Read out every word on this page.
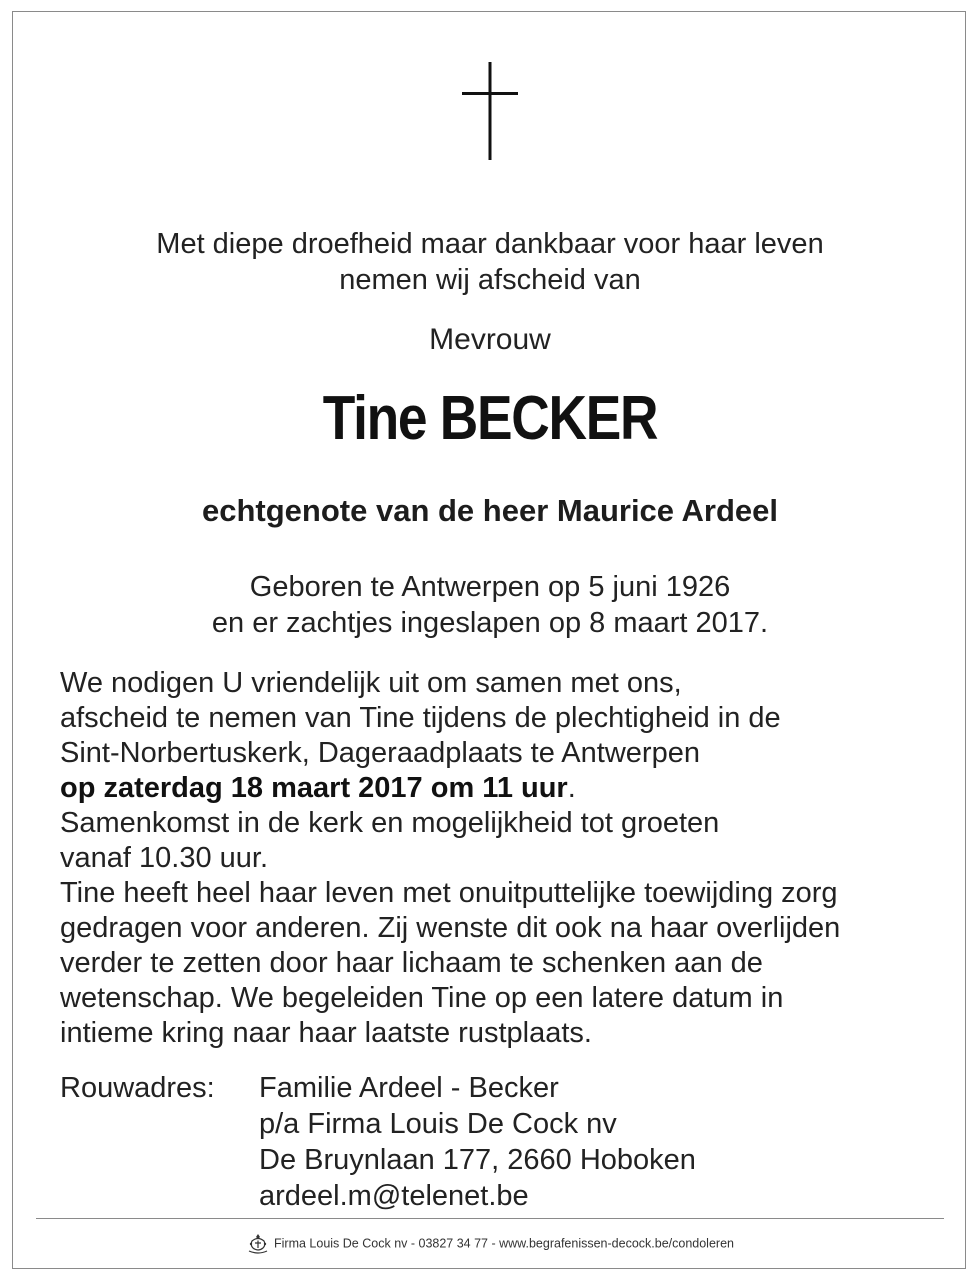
Met diepe droefheid maar dankbaar voor haar leven
nemen wij afscheid van
Mevrouw
Tine BECKER
echtgenote van de heer Maurice Ardeel
Geboren te Antwerpen op 5 juni 1926
en er zachtjes ingeslapen op 8 maart 2017.
We nodigen U vriendelijk uit om samen met ons,
afscheid te nemen van Tine tijdens de plechtigheid in de
Sint-Norbertuskerk, Dageraadplaats te Antwerpen
op zaterdag 18 maart 2017 om 11 uur.
Samenkomst in de kerk en mogelijkheid tot groeten
vanaf 10.30 uur.
Tine heeft heel haar leven met onuitputtelijke toewijding zorg
gedragen voor anderen. Zij wenste dit ook na haar overlijden
verder te zetten door haar lichaam te schenken aan de
wetenschap. We begeleiden Tine op een latere datum in
intieme kring naar haar laatste rustplaats.
Rouwadres: Familie Ardeel - Becker
p/a Firma Louis De Cock nv
De Bruynlaan 177, 2660 Hoboken
ardeel.m@telenet.be
Firma Louis De Cock nv - 03827 34 77 - www.begrafenissen-decock.be/condoleren
